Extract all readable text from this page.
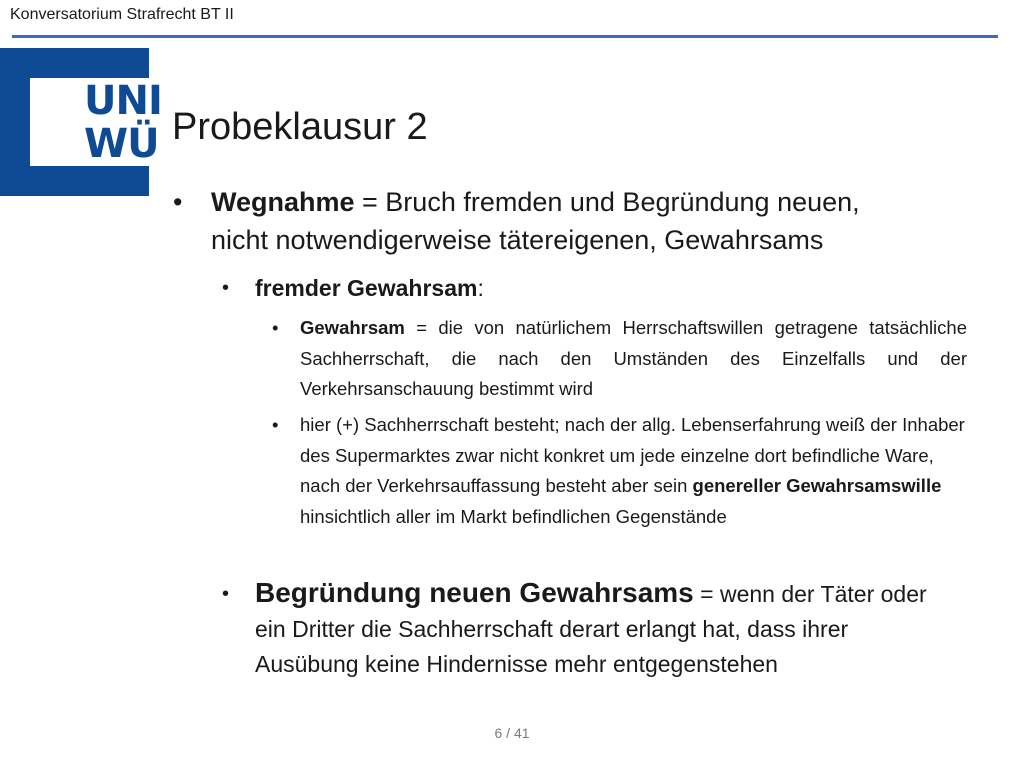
Konversatorium Strafrecht BT II
UNI
WÜ Probeklausur 2
• Wegnahme = Bruch fremden und Begründung neuen,
nicht notwendigerweise tätereigenen, Gewahrsams
• fremder Gewahrsam:
• Gewahrsam = die von natürlichem Herrschaftswillen getragene tatsächliche Sachherrschaft, die nach den Umständen des Einzelfalls und der Verkehrsanschauung bestimmt wird
• hier (+) Sachherrschaft besteht; nach der allg. Lebenserfahrung weiß der Inhaber des Supermarktes zwar nicht konkret um jede einzelne dort befindliche Ware, nach der Verkehrsauffassung besteht aber sein genereller Gewahrsamswille hinsichtlich aller im Markt befindlichen Gegenstände
• Begründung neuen Gewahrsams = wenn der Täter oder ein Dritter die Sachherrschaft derart erlangt hat, dass ihrer Ausübung keine Hindernisse mehr entgegenstehen
6 / 41
